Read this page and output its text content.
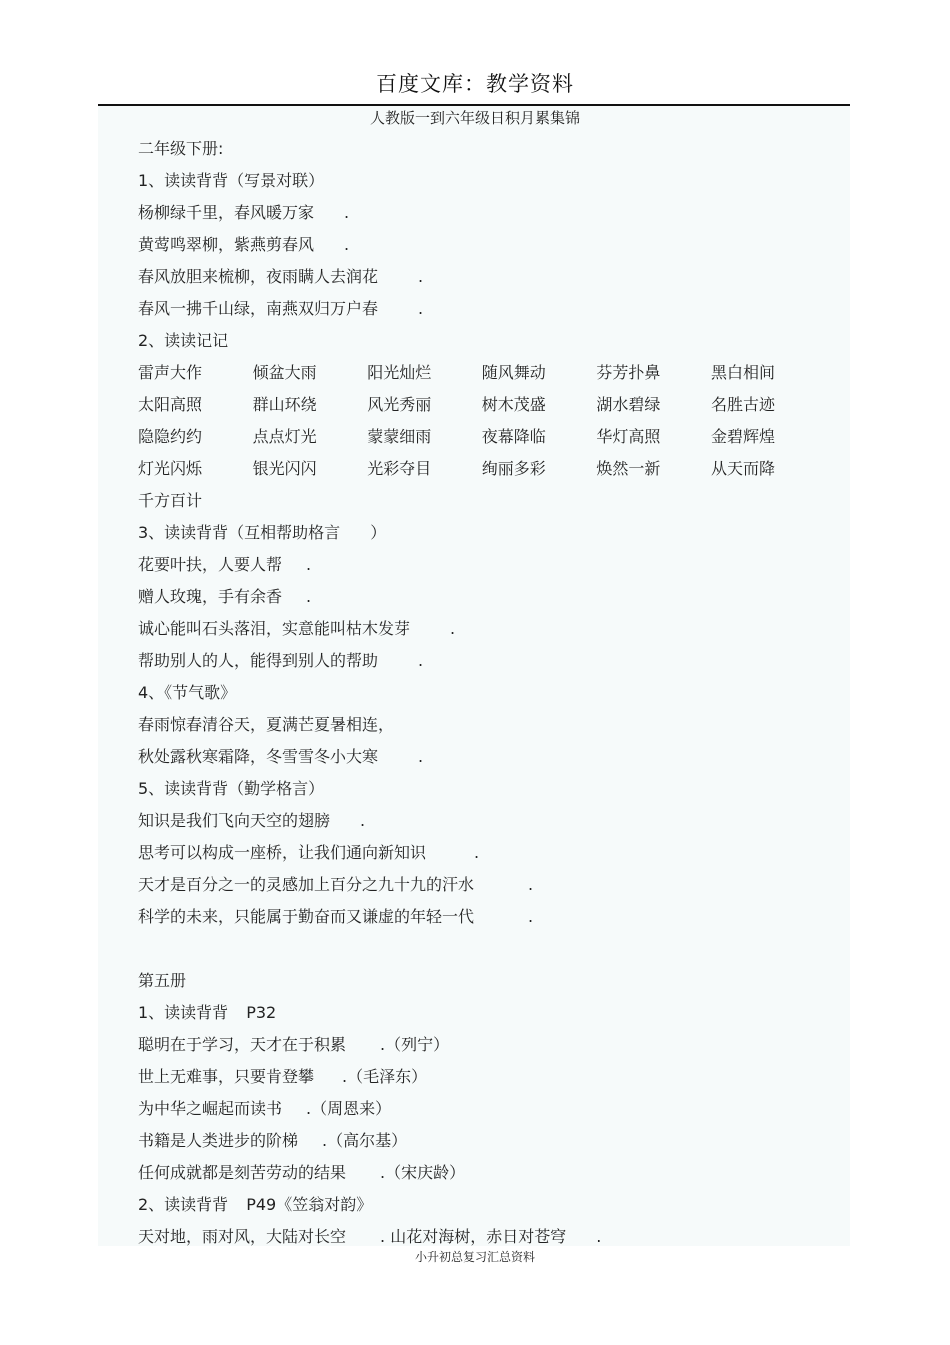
百度文库：教学资料
人教版一到六年级日积月累集锦
二年级下册:
1、读读背背（写景对联）
杨柳绿千里，春风暖万家 .
黄莺鸣翠柳，紫燕剪春风 .
春风放胆来梳柳，夜雨瞒人去润花	.
春风一拂千山绿，南燕双归万户春	.
2、读读记记
雷声大作	倾盆大雨	阳光灿烂	随风舞动	芬芳扑鼻	黑白相间
太阳高照	群山环绕	风光秀丽	树木茂盛	湖水碧绿	名胜古迹
隐隐约约	点点灯光	蒙蒙细雨	夜幕降临	华灯高照	金碧辉煌
灯光闪烁	银光闪闪	光彩夺目	绚丽多彩	焕然一新	从天而降
千方百计
3、读读背背（互相帮助格言 ）
花要叶扶，人要人帮 .
赠人玫瑰，手有余香 .
诚心能叫石头落泪，实意能叫枯木发芽	.
帮助别人的人，能得到别人的帮助	.
4、《节气歌》
春雨惊春清谷天，夏满芒夏暑相连，
秋处露秋寒霜降，冬雪雪冬小大寒	.
5、读读背背（勤学格言）
知识是我们飞向天空的翅膀 .
思考可以构成一座桥，让我们通向新知识	.
天才是百分之一的灵感加上百分之九十九的汗水	.
科学的未来，只能属于勤奋而又谦虚的年轻一代	.
第五册
1、读读背背 P32
聪明在于学习，天才在于积累 .（列宁）
世上无难事，只要肯登攀 .（毛泽东）
为中华之崛起而读书 .（周恩来）
书籍是人类进步的阶梯 .（高尔基）
任何成就都是刻苦劳动的结果 .（宋庆龄）
2、读读背背 P49《笠翁对韵》
天对地，雨对风，大陆对长空 . 山花对海树，赤日对苍穹 .
小升初总复习汇总资料
